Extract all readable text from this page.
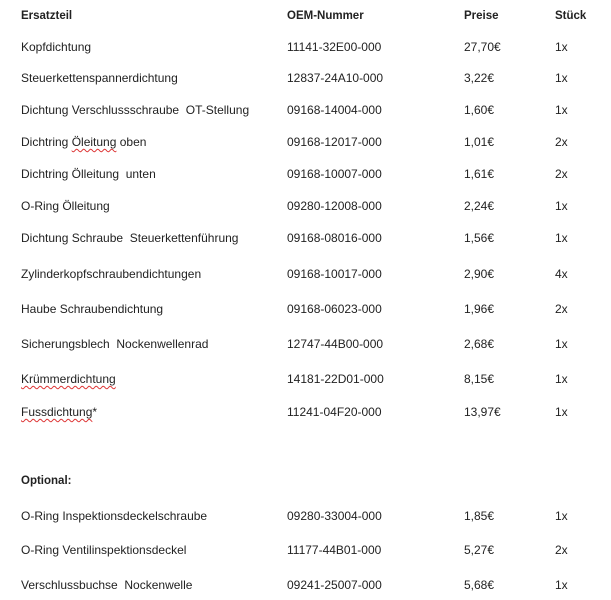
Ersatzteil	OEM-Nummer	Preise	Stück
Kopfdichtung	11141-32E00-000	27,70€	1x
Steuerkettenspannerdichtung	12837-24A10-000	3,22€	1x
Dichtung Verschlussschraube  OT-Stellung	09168-14004-000	1,60€	1x
Dichtring Öleitung oben	09168-12017-000	1,01€	2x
Dichtring Ölleitung  unten	09168-10007-000	1,61€	2x
O-Ring Ölleitung	09280-12008-000	2,24€	1x
Dichtung Schraube  Steuerkettenführung	09168-08016-000	1,56€	1x
Zylinderkopfschraubendichtungen	09168-10017-000	2,90€	4x
Haube Schraubendichtung	09168-06023-000	1,96€	2x
Sicherungsblech  Nockenwellenrad	12747-44B00-000	2,68€	1x
Krümmerdichtung	14181-22D01-000	8,15€	1x
Fussdichtung*	11241-04F20-000	13,97€	1x
Optional:
O-Ring Inspektionsdeckelschraube	09280-33004-000	1,85€	1x
O-Ring Ventilinspektionsdeckel	11177-44B01-000	5,27€	2x
Verschlussbuchse  Nockenwelle	09241-25007-000	5,68€	1x
